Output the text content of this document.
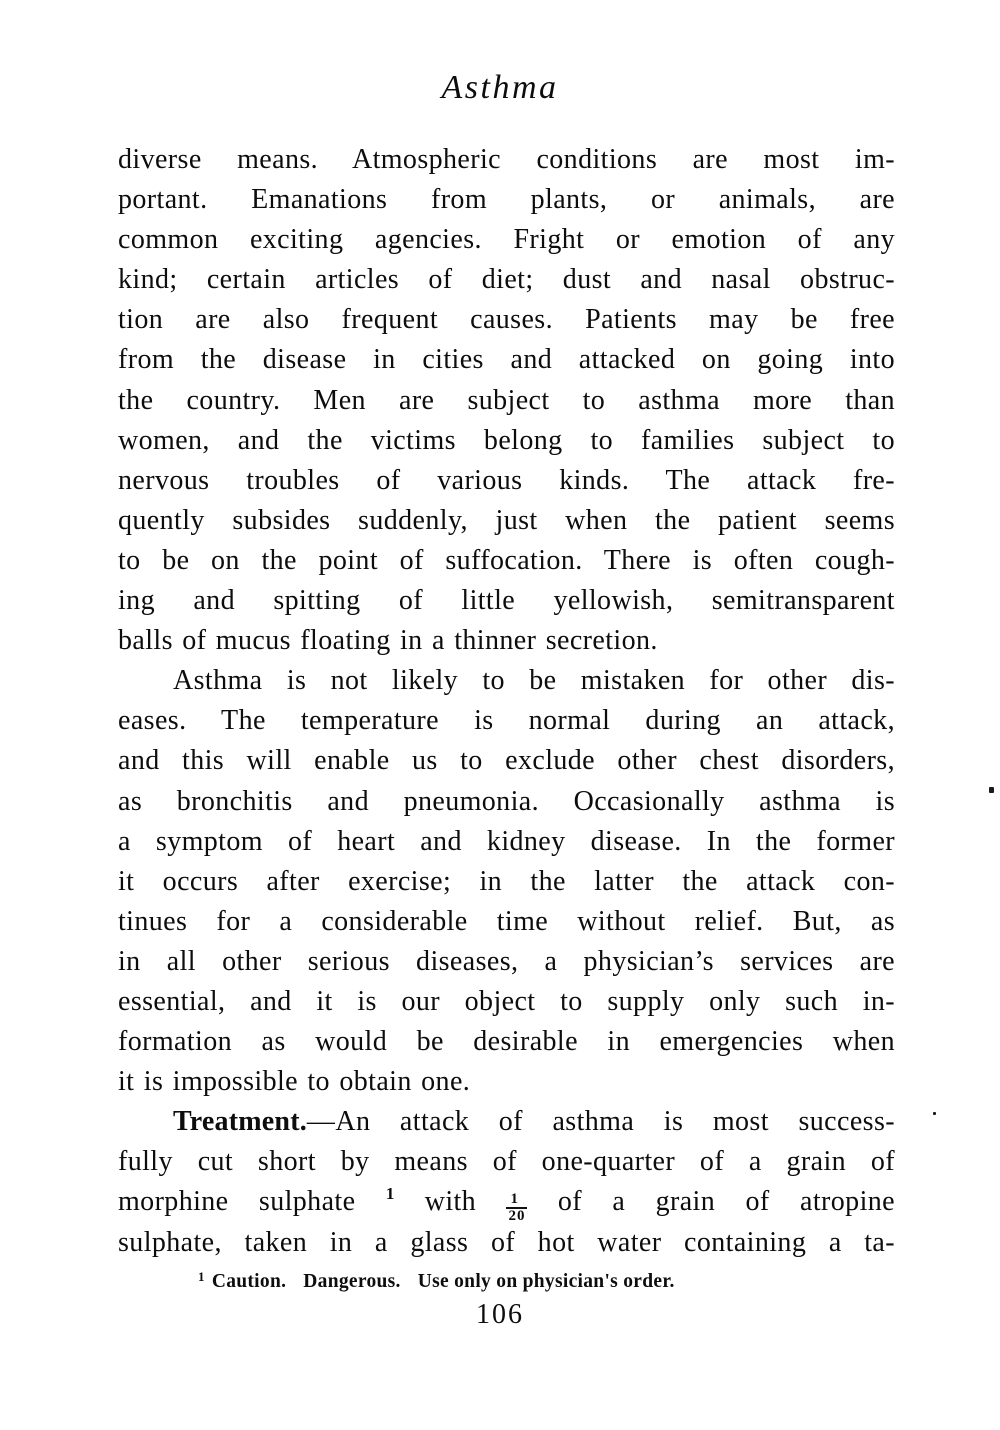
Asthma
diverse means. Atmospheric conditions are most im-
portant. Emanations from plants, or animals, are
common exciting agencies. Fright or emotion of any
kind; certain articles of diet; dust and nasal obstruc-
tion are also frequent causes. Patients may be free
from the disease in cities and attacked on going into
the country. Men are subject to asthma more than
women, and the victims belong to families subject to
nervous troubles of various kinds. The attack fre-
quently subsides suddenly, just when the patient seems
to be on the point of suffocation. There is often cough-
ing and spitting of little yellowish, semitransparent
balls of mucus floating in a thinner secretion.
Asthma is not likely to be mistaken for other dis-
eases. The temperature is normal during an attack,
and this will enable us to exclude other chest disorders,
as bronchitis and pneumonia. Occasionally asthma is
a symptom of heart and kidney disease. In the former
it occurs after exercise; in the latter the attack con-
tinues for a considerable time without relief. But, as
in all other serious diseases, a physician’s services are
essential, and it is our object to supply only such in-
formation as would be desirable in emergencies when
it is impossible to obtain one.
Treatment.—An attack of asthma is most success-
fully cut short by means of one-quarter of a grain of
morphine sulphate $^1$ with $\frac{1}{20}$ of a grain of atropine
sulphate, taken in a glass of hot water containing a ta-
$^1$ Caution. Dangerous. Use only on physician's order.
106
